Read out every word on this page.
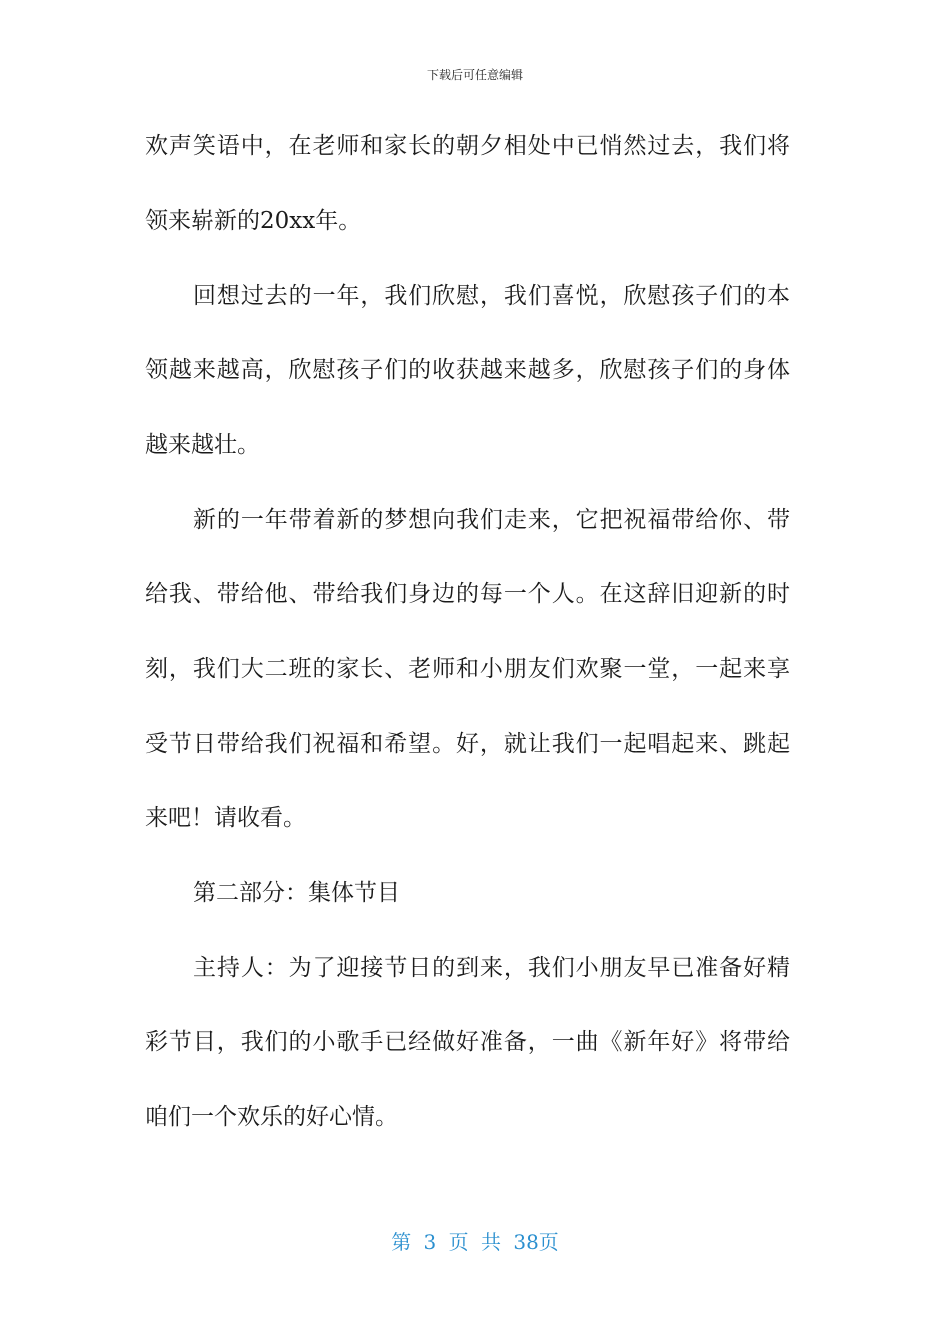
下载后可任意编辑
欢声笑语中，在老师和家长的朝夕相处中已悄然过去，我们将
领来崭新的20xx年。
回想过去的一年，我们欣慰，我们喜悦，欣慰孩子们的本
领越来越高，欣慰孩子们的收获越来越多，欣慰孩子们的身体
越来越壮。
新的一年带着新的梦想向我们走来，它把祝福带给你、带
给我、带给他、带给我们身边的每一个人。在这辞旧迎新的时
刻，我们大二班的家长、老师和小朋友们欢聚一堂，一起来享
受节日带给我们祝福和希望。好，就让我们一起唱起来、跳起
来吧！请收看。
第二部分：集体节目
主持人：为了迎接节日的到来，我们小朋友早已准备好精
彩节目，我们的小歌手已经做好准备，一曲《新年好》将带给
咱们一个欢乐的好心情。
第 3 页 共 38页
